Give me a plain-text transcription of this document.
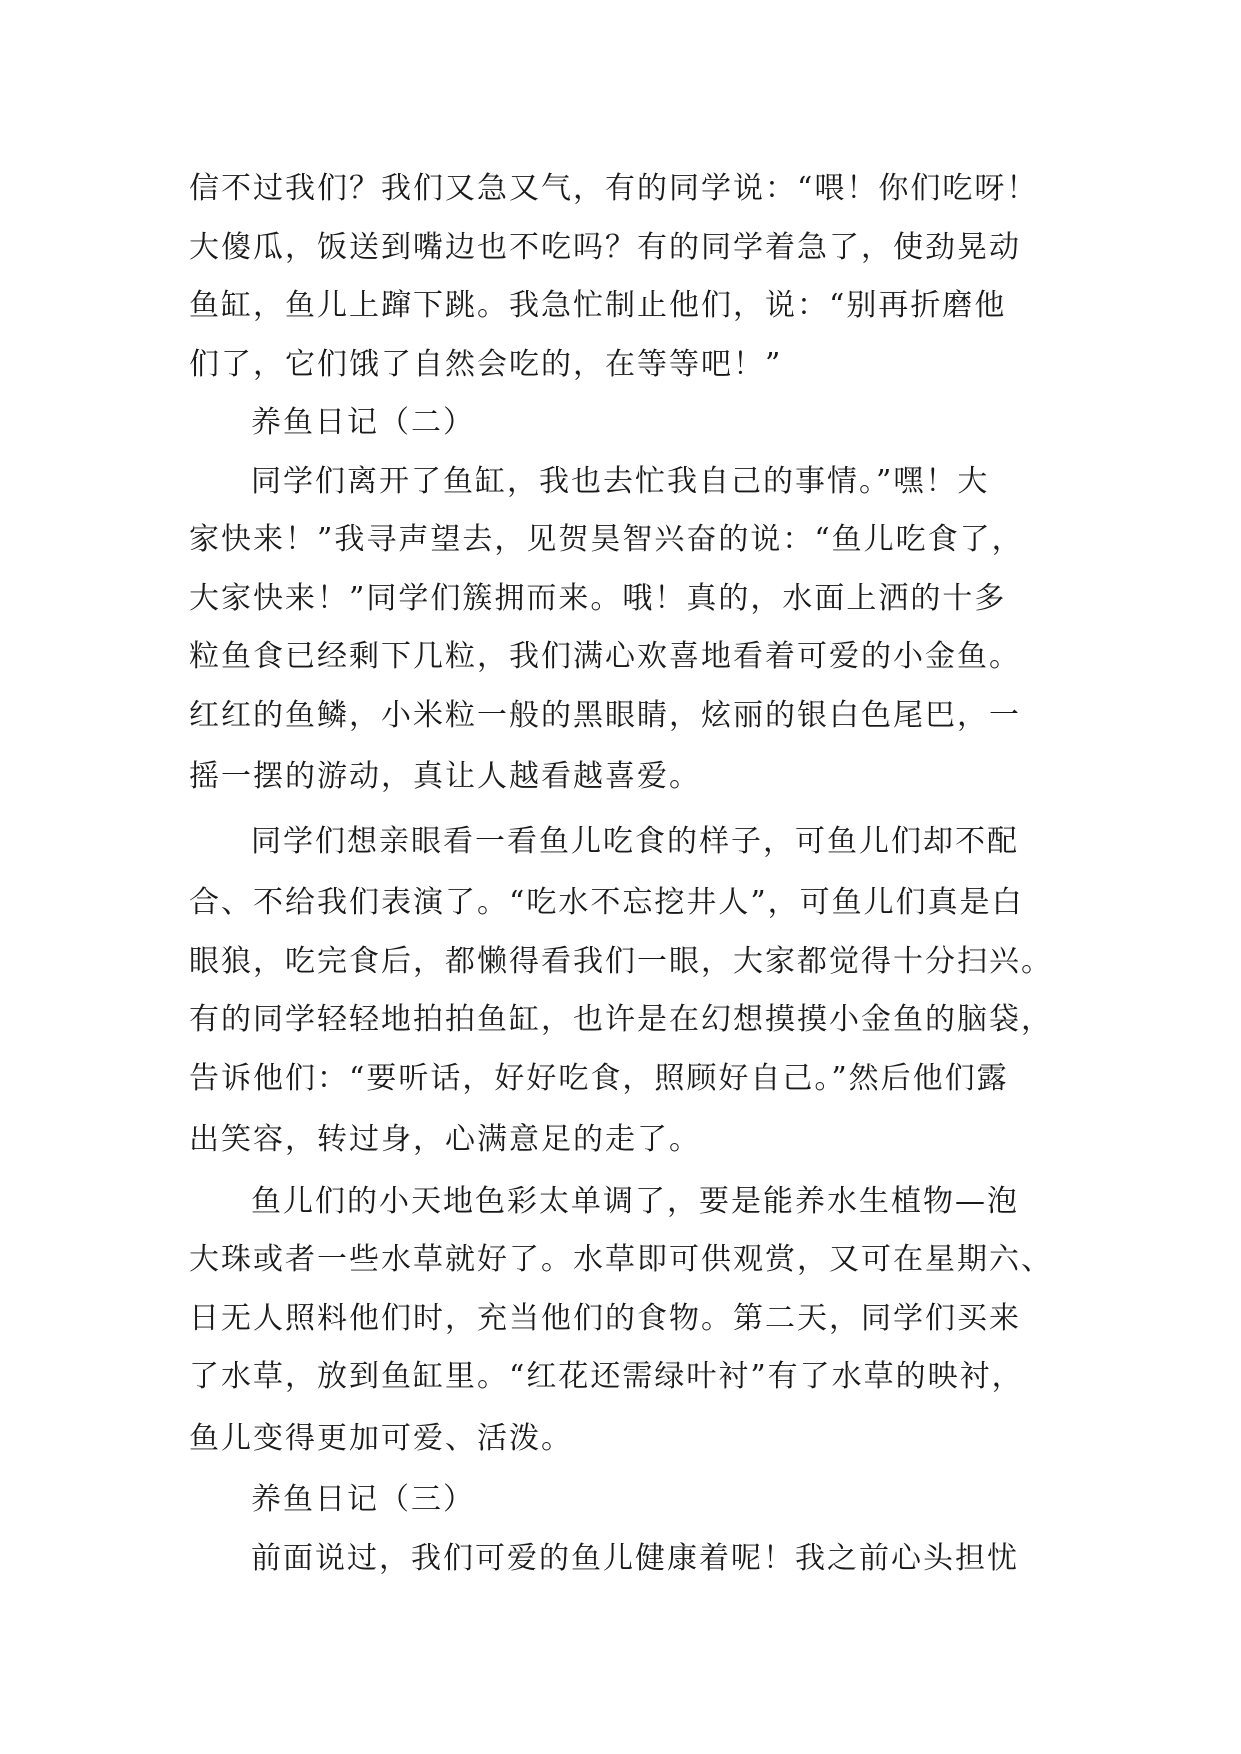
信不过我们？我们又急又气，有的同学说：“喂！你们吃呀！
大傻瓜，饭送到嘴边也不吃吗？有的同学着急了，使劲晃动
鱼缸，鱼儿上蹿下跳。我急忙制止他们，说：“别再折磨他
们了，它们饿了自然会吃的，在等等吧！”
养鱼日记（二）
同学们离开了鱼缸，我也去忙我自己的事情。”嘿！大
家快来！”我寻声望去，见贺昊智兴奋的说：“鱼儿吃食了，
大家快来！”同学们簇拥而来。哦！真的，水面上洒的十多
粒鱼食已经剩下几粒，我们满心欢喜地看着可爱的小金鱼。
红红的鱼鳞，小米粒一般的黑眼睛，炫丽的银白色尾巴，一
摇一摆的游动，真让人越看越喜爱。
同学们想亲眼看一看鱼儿吃食的样子，可鱼儿们却不配
合、不给我们表演了。“吃水不忘挖井人”，可鱼儿们真是白
眼狼，吃完食后，都懒得看我们一眼，大家都觉得十分扫兴。
有的同学轻轻地拍拍鱼缸，也许是在幻想摸摸小金鱼的脑袋，
告诉他们：“要听话，好好吃食，照顾好自己。”然后他们露
出笑容，转过身，心满意足的走了。
鱼儿们的小天地色彩太单调了，要是能养水生植物—泡
大珠或者一些水草就好了。水草即可供观赏，又可在星期六、
日无人照料他们时，充当他们的食物。第二天，同学们买来
了水草，放到鱼缸里。“红花还需绿叶衬”有了水草的映衬，
鱼儿变得更加可爱、活泼。
养鱼日记（三）
前面说过，我们可爱的鱼儿健康着呢！我之前心头担忧
